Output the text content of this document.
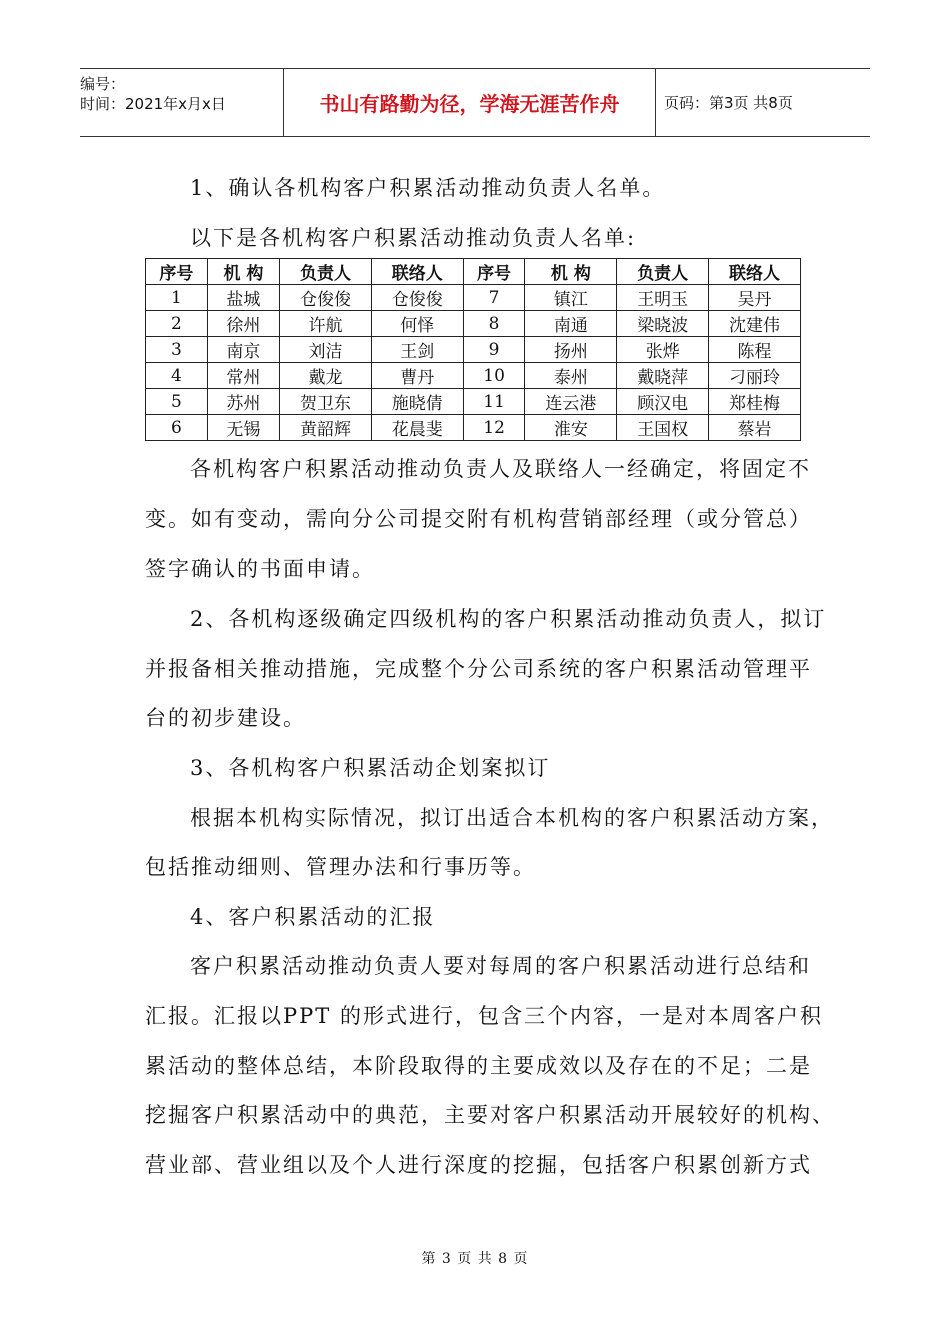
编号：
时间：2021年x月x日	书山有路勤为径，学海无涯苦作舟	页码：第3页 共8页
1、确认各机构客户积累活动推动负责人名单。
以下是各机构客户积累活动推动负责人名单:
序号	机 构	负责人	联络人	序号	机 构	负责人	联络人
1	盐城	仓俊俊	仓俊俊	7	镇江	王明玉	吴丹
2	徐州	许航	何怿	8	南通	梁晓波	沈建伟
3	南京	刘洁	王剑	9	扬州	张烨	陈程
4	常州	戴龙	曹丹	10	泰州	戴晓萍	刁丽玲
5	苏州	贺卫东	施晓倩	11	连云港	顾汉电	郑桂梅
6	无锡	黄韶辉	花晨斐	12	淮安	王国权	蔡岩
各机构客户积累活动推动负责人及联络人一经确定，将固定不
变。如有变动，需向分公司提交附有机构营销部经理（或分管总）
签字确认的书面申请。
2、各机构逐级确定四级机构的客户积累活动推动负责人，拟订
并报备相关推动措施，完成整个分公司系统的客户积累活动管理平
台的初步建设。
3、各机构客户积累活动企划案拟订
根据本机构实际情况，拟订出适合本机构的客户积累活动方案，
包括推动细则、管理办法和行事历等。
4、客户积累活动的汇报
客户积累活动推动负责人要对每周的客户积累活动进行总结和
汇报。汇报以PPT 的形式进行，包含三个内容，一是对本周客户积
累活动的整体总结，本阶段取得的主要成效以及存在的不足；二是
挖掘客户积累活动中的典范，主要对客户积累活动开展较好的机构、
营业部、营业组以及个人进行深度的挖掘，包括客户积累创新方式
第 3 页 共 8 页
